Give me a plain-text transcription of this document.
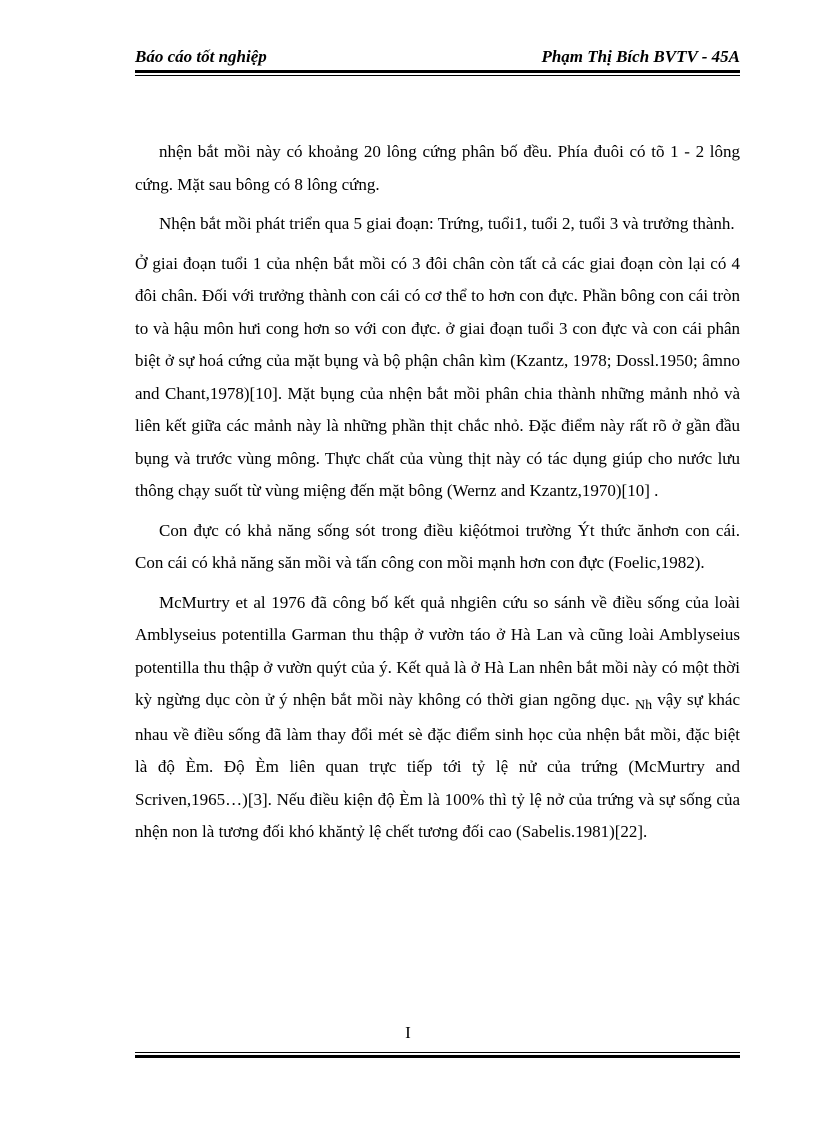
Báo cáo tốt nghiệp	Phạm Thị Bích BVTV - 45A

nhện bắt mồi này có khoảng 20 lông cứng phân bố đều. Phía đuôi có tõ 1 - 2 lông cứng. Mặt sau bông có 8 lông cứng.

Nhện bắt mồi phát triển qua 5 giai đoạn: Trứng, tuổi1, tuổi 2, tuổi 3 và trưởng thành.

Ở giai đoạn tuổi 1 của nhện bắt mồi có 3 đôi chân còn tất cả các giai đoạn còn lại có 4 đôi chân. Đối với trưởng thành con cái có cơ thể to hơn con đực. Phần bông con cái tròn to và hậu môn hưi cong hơn so với con đực. ở giai đoạn tuổi 3 con đực và con cái phân biệt ở sự hoá cứng của mặt bụng và bộ phận chân kìm (Kzantz, 1978; Dossl.1950; âmno and Chant,1978)[10]. Mặt bụng của nhện bắt mồi phân chia thành những mảnh nhỏ và liên kết giữa các mảnh này là những phần thịt chắc nhỏ. Đặc điểm này rất rõ ở gần đầu bụng và trước vùng mông. Thực chất của vùng thịt này có tác dụng giúp cho nước lưu thông chạy suốt từ vùng miệng đến mặt bông (Wernz and Kzantz,1970)[10] .

Con đực có khả năng sống sót trong điều kiệótmoi trường Ýt thức ănhơn con cái. Con cái có khả năng săn mồi và tấn công con mồi mạnh hơn con đực (Foelic,1982).

McMurtry et al 1976 đã công bố kết quả nhgiên cứu so sánh về điều sống của loài Amblyseius potentilla Garman thu thập ở vườn táo ở Hà Lan và cũng loài Amblyseius potentilla thu thập ở vườn quýt của ý. Kết quả là ở Hà Lan nhên bắt mồi này có một thời kỳ ngừng dục còn ử ý nhện bắt mồi này không có thời gian ngõng dục. $_{Nh}$ vậy sự khác nhau về điều sống đã làm thay đổi mét sè đặc điểm sinh học của nhện bắt mồi, đặc biệt là độ Èm. Độ Èm liên quan trực tiếp tới tỷ lệ nử của trứng (McMurtry and Scriven,1965…)[3]. Nếu điều kiện độ Èm là 100% thì tỷ lệ nở của trứng và sự sống của nhện non là tương đối khó khăntỷ lệ chết tương đối cao (Sabelis.1981)[22].

I
